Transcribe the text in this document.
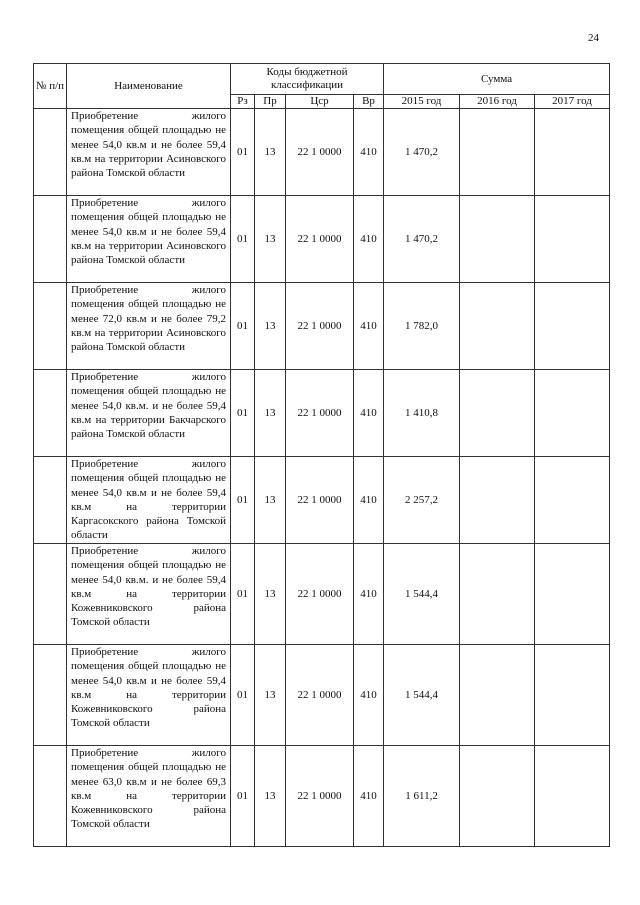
24
№ п/п	Наименование	Коды бюджетной классификации				Сумма		
		Рз	Пр	Цср	Вр	2015 год	2016 год	2017 год

	Приобретение жилого помещения общей площадью не менее 54,0 кв.м и не более 59,4 кв.м на территории Асиновского района Томской области	01	13	22 1 0000	410	1 470,2		

	Приобретение жилого помещения общей площадью не менее 54,0 кв.м и не более 59,4 кв.м на территории Асиновского района Томской области	01	13	22 1 0000	410	1 470,2		

	Приобретение жилого помещения общей площадью не менее 72,0 кв.м и не более 79,2 кв.м на территории Асиновского района Томской области	01	13	22 1 0000	410	1 782,0		

	Приобретение жилого помещения общей площадью не менее 54,0 кв.м. и не более 59,4 кв.м на территории Бакчарского района Томской области	01	13	22 1 0000	410	1 410,8		

	Приобретение жилого помещения общей площадью не менее 54,0 кв.м и не более 59,4 кв.м на территории Каргасокского района Томской области	01	13	22 1 0000	410	2 257,2		

	Приобретение жилого помещения общей площадью не менее 54,0 кв.м. и не более 59,4 кв.м на территории Кожевниковского района Томской области	01	13	22 1 0000	410	1 544,4		

	Приобретение жилого помещения общей площадью не менее 54,0 кв.м и не более 59,4 кв.м на территории Кожевниковского района Томской области	01	13	22 1 0000	410	1 544,4		

	Приобретение жилого помещения общей площадью не менее 63,0 кв.м и не более 69,3 кв.м на территории Кожевниковского района Томской области	01	13	22 1 0000	410	1 611,2		
